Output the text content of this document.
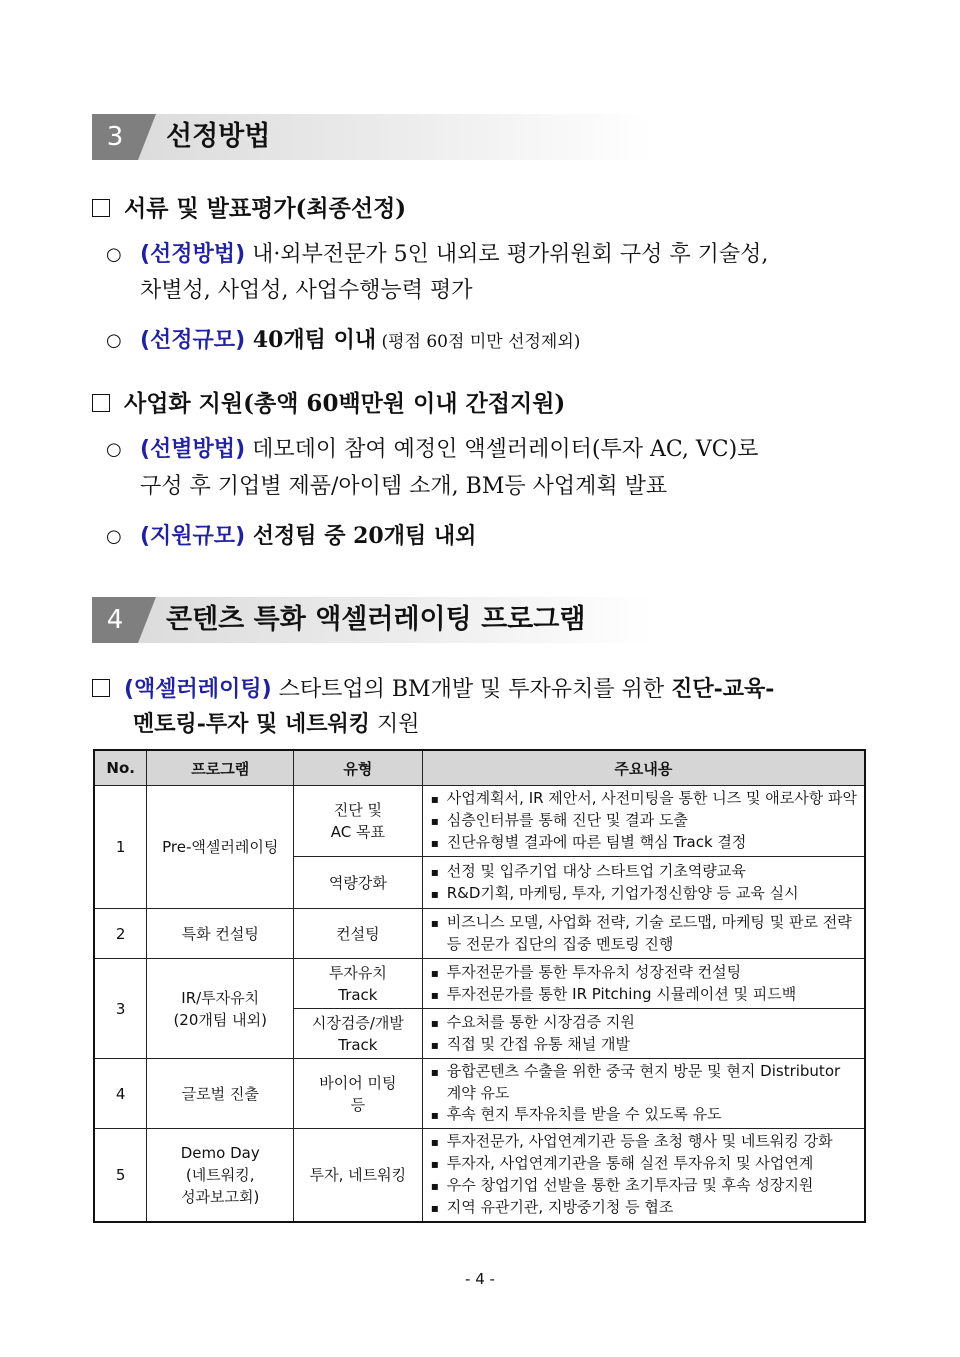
3	선정방법
서류 및 발표평가(최종선정)
○ (선정방법) 내·외부전문가 5인 내외로 평가위원회 구성 후 기술성,
차별성, 사업성, 사업수행능력 평가
○ (선정규모) 40개팀 이내 (평점 60점 미만 선정제외)
사업화 지원(총액 60백만원 이내 간접지원)
○ (선별방법) 데모데이 참여 예정인 액셀러레이터(투자 AC, VC)로
구성 후 기업별 제품/아이템 소개, BM등 사업계획 발표
○ (지원규모) 선정팀 중 20개팀 내외
4	콘텐츠 특화 액셀러레이팅 프로그램
(액셀러레이팅) 스타트업의 BM개발 및 투자유치를 위한 진단-교육-
멘토링-투자 및 네트워킹 지원
No.	프로그램	유형	주요내용
1	Pre-액셀러레이팅	진단 및
AC 목표	▪ 사업계획서, IR 제안서, 사전미팅을 통한 니즈 및 애로사항 파악
▪ 심층인터뷰를 통해 진단 및 결과 도출
▪ 진단유형별 결과에 따른 팀별 핵심 Track 결정

		역량강화	▪ 선정 및 입주기업 대상 스타트업 기초역량교육
▪ R&D기획, 마케팅, 투자, 기업가정신함양 등 교육 실시

2	특화 컨설팅	컨설팅	▪ 비즈니스 모델, 사업화 전략, 기술 로드맵, 마케팅 및 판로 전략 등 전문가 집단의 집중 멘토링 진행

3	IR/투자유치
(20개팀 내외)	투자유치
Track	▪ 투자전문가를 통한 투자유치 성장전략 컨설팅
▪ 투자전문가를 통한 IR Pitching 시뮬레이션 및 피드백

		시장검증/개발
Track	▪ 수요처를 통한 시장검증 지원
▪ 직접 및 간접 유통 채널 개발

4	글로벌 진출	바이어 미팅
등	▪ 융합콘텐츠 수출을 위한 중국 현지 방문 및 현지 Distributor 계약 유도
▪ 후속 현지 투자유치를 받을 수 있도록 유도

5	Demo Day
(네트워킹,
성과보고회)	투자, 네트워킹	▪ 투자전문가, 사업연계기관 등을 초청 행사 및 네트워킹 강화
▪ 투자자, 사업연계기관을 통해 실전 투자유치 및 사업연계
▪ 우수 창업기업 선발을 통한 초기투자금 및 후속 성장지원
▪ 지역 유관기관, 지방중기청 등 협조
- 4 -
